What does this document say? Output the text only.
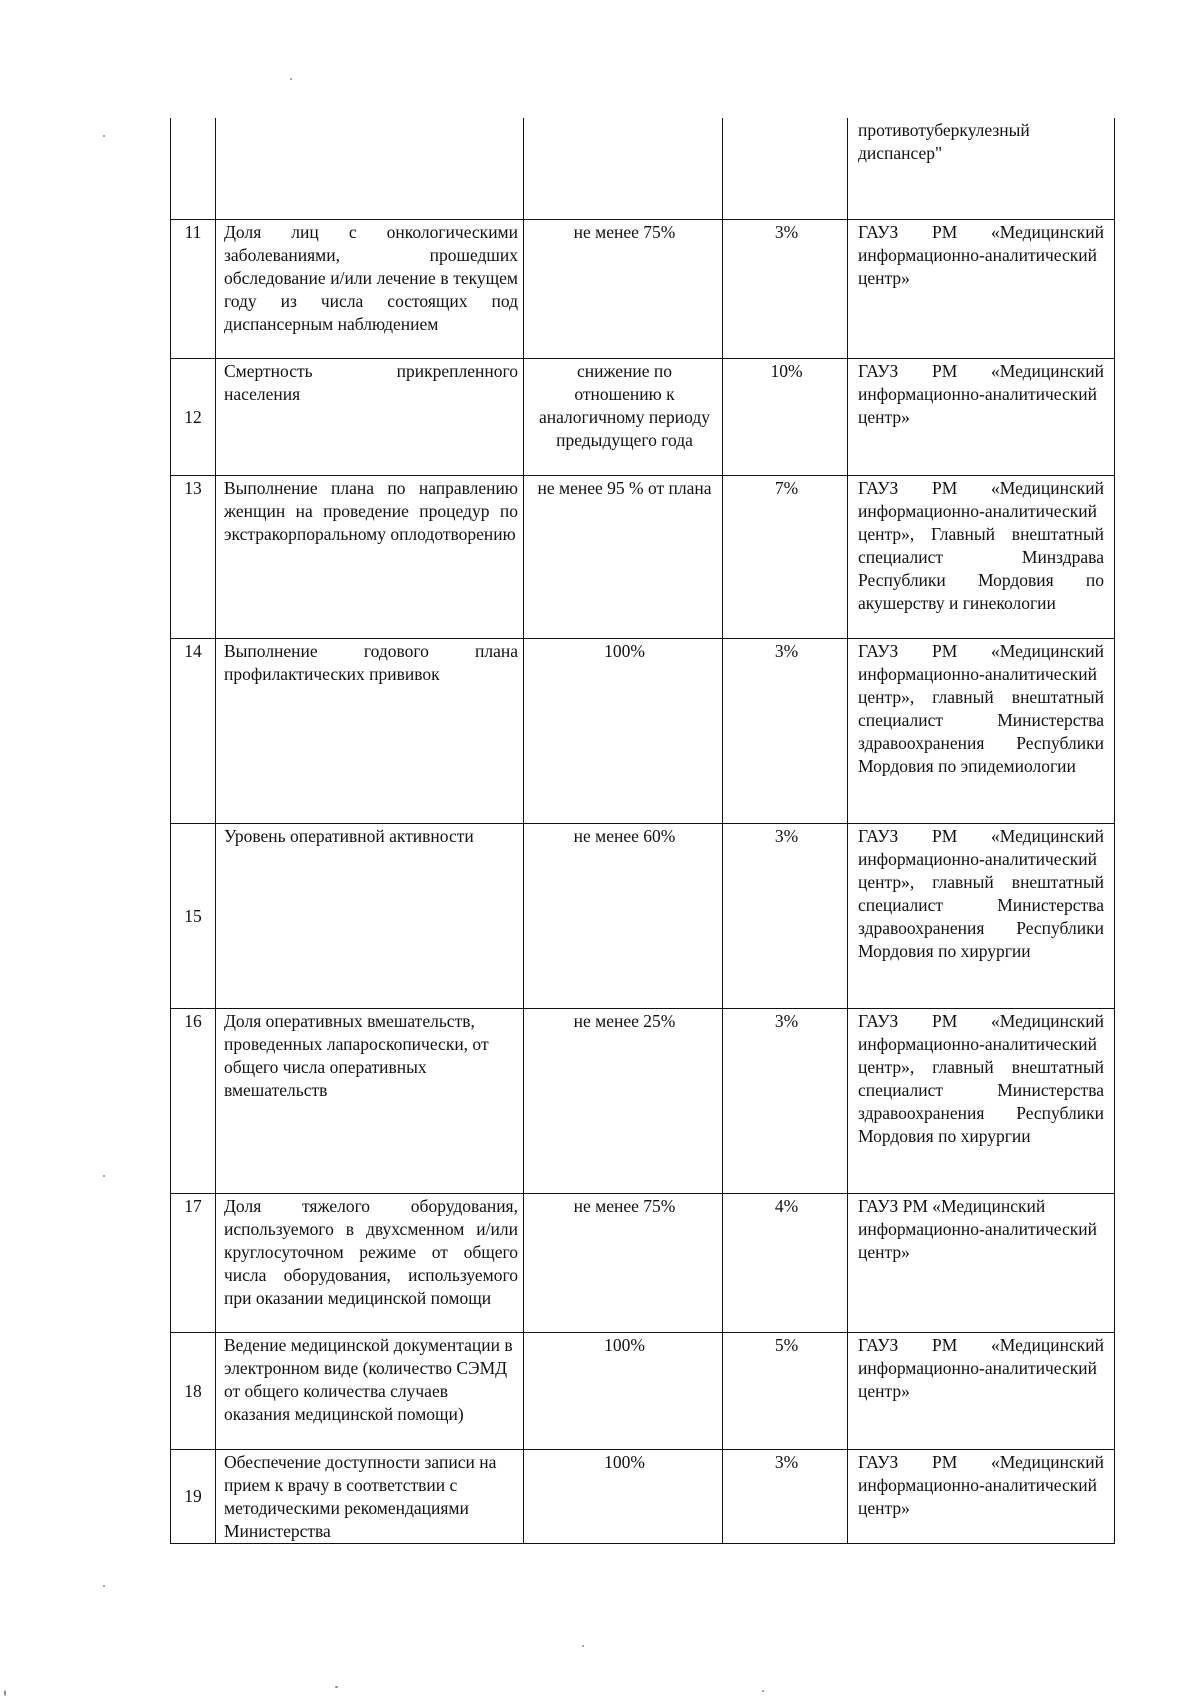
				противотуберкулезный диспансер"
11	Доля лиц с онкологическими заболеваниями, прошедших обследование и/или лечение в текущем году из числа состоящих под диспансерным наблюдением	не менее 75%	3%	ГАУЗ РМ «Медицинский информационно-аналитический центр»
12	Смертность прикрепленного населения	снижение по отношению к аналогичному периоду предыдущего года	10%	ГАУЗ РМ «Медицинский информационно-аналитический центр»
13	Выполнение плана по направлению женщин на проведение процедур по экстракорпоральному оплодотворению	не менее 95 % от плана	7%	ГАУЗ РМ «Медицинский информационно-аналитический центр», Главный внештатный специалист Минздрава Республики Мордовия по акушерству и гинекологии
14	Выполнение годового плана профилактических прививок	100%	3%	ГАУЗ РМ «Медицинский информационно-аналитический центр», главный внештатный специалист Министерства здравоохранения Республики Мордовия по эпидемиологии
15	Уровень оперативной активности	не менее 60%	3%	ГАУЗ РМ «Медицинский информационно-аналитический центр», главный внештатный специалист Министерства здравоохранения Республики Мордовия по хирургии
16	Доля оперативных вмешательств, проведенных лапароскопически, от общего числа оперативных вмешательств	не менее 25%	3%	ГАУЗ РМ «Медицинский информационно-аналитический центр», главный внештатный специалист Министерства здравоохранения Республики Мордовия по хирургии
17	Доля тяжелого оборудования, используемого в двухсменном и/или круглосуточном режиме от общего числа оборудования, используемого при оказании медицинской помощи	не менее 75%	4%	ГАУЗ РМ «Медицинский информационно-аналитический центр»
18	Ведение медицинской документации в электронном виде (количество СЭМД от общего количества случаев оказания медицинской помощи)	100%	5%	ГАУЗ РМ «Медицинский информационно-аналитический центр»
19	Обеспечение доступности записи на прием к врачу в соответствии с методическими рекомендациями Министерства	100%	3%	ГАУЗ РМ «Медицинский информационно-аналитический центр»
